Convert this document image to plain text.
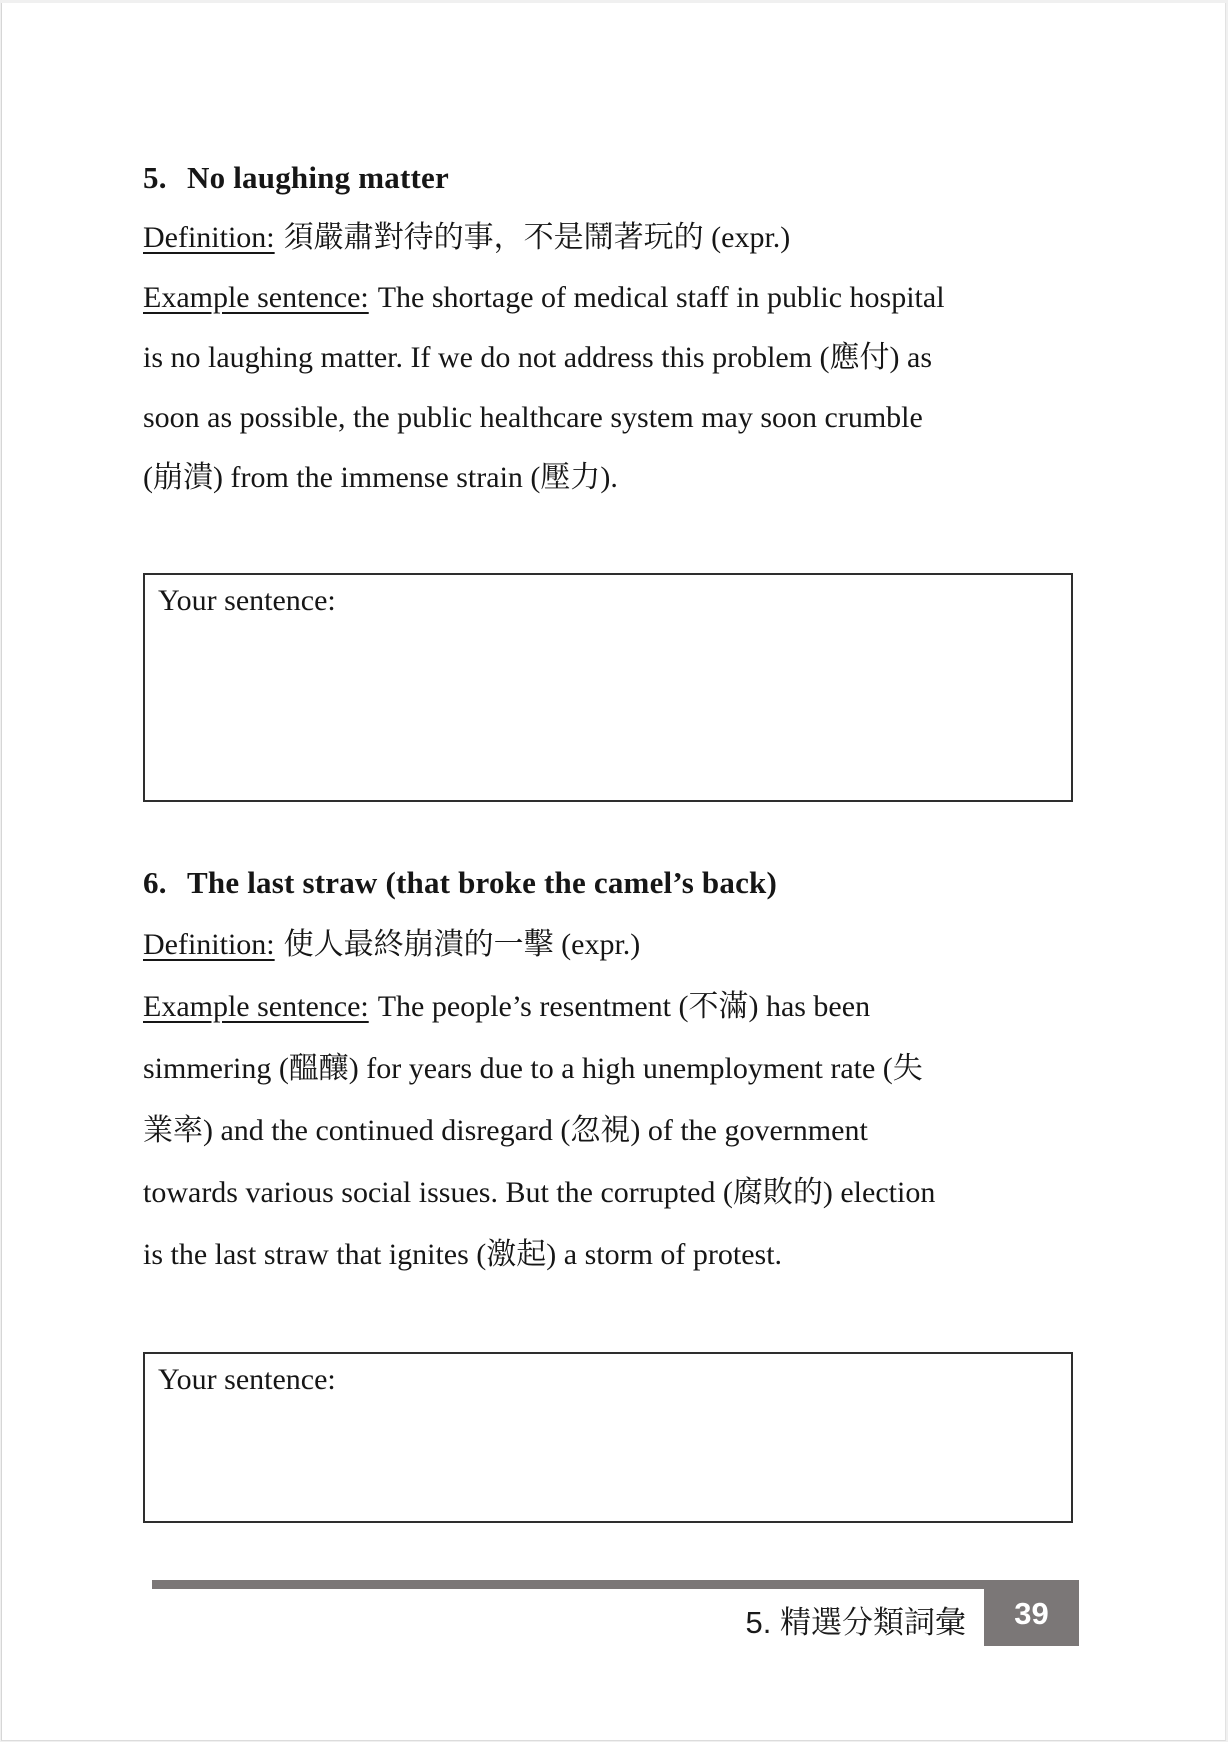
5. No laughing matter
Definition: 須嚴肅對待的事，不是鬧著玩的 (expr.)
Example sentence: The shortage of medical staff in public hospital
is no laughing matter. If we do not address this problem (應付) as
soon as possible, the public healthcare system may soon crumble
(崩潰) from the immense strain (壓力).
Your sentence:
6. The last straw (that broke the camel’s back)
Definition: 使人最終崩潰的一擊 (expr.)
Example sentence: The people’s resentment (不滿) has been
simmering (醞釀) for years due to a high unemployment rate (失
業率) and the continued disregard (忽視) of the government
towards various social issues. But the corrupted (腐敗的) election
is the last straw that ignites (激起) a storm of protest.
Your sentence:
5. 精選分類詞彙 39
